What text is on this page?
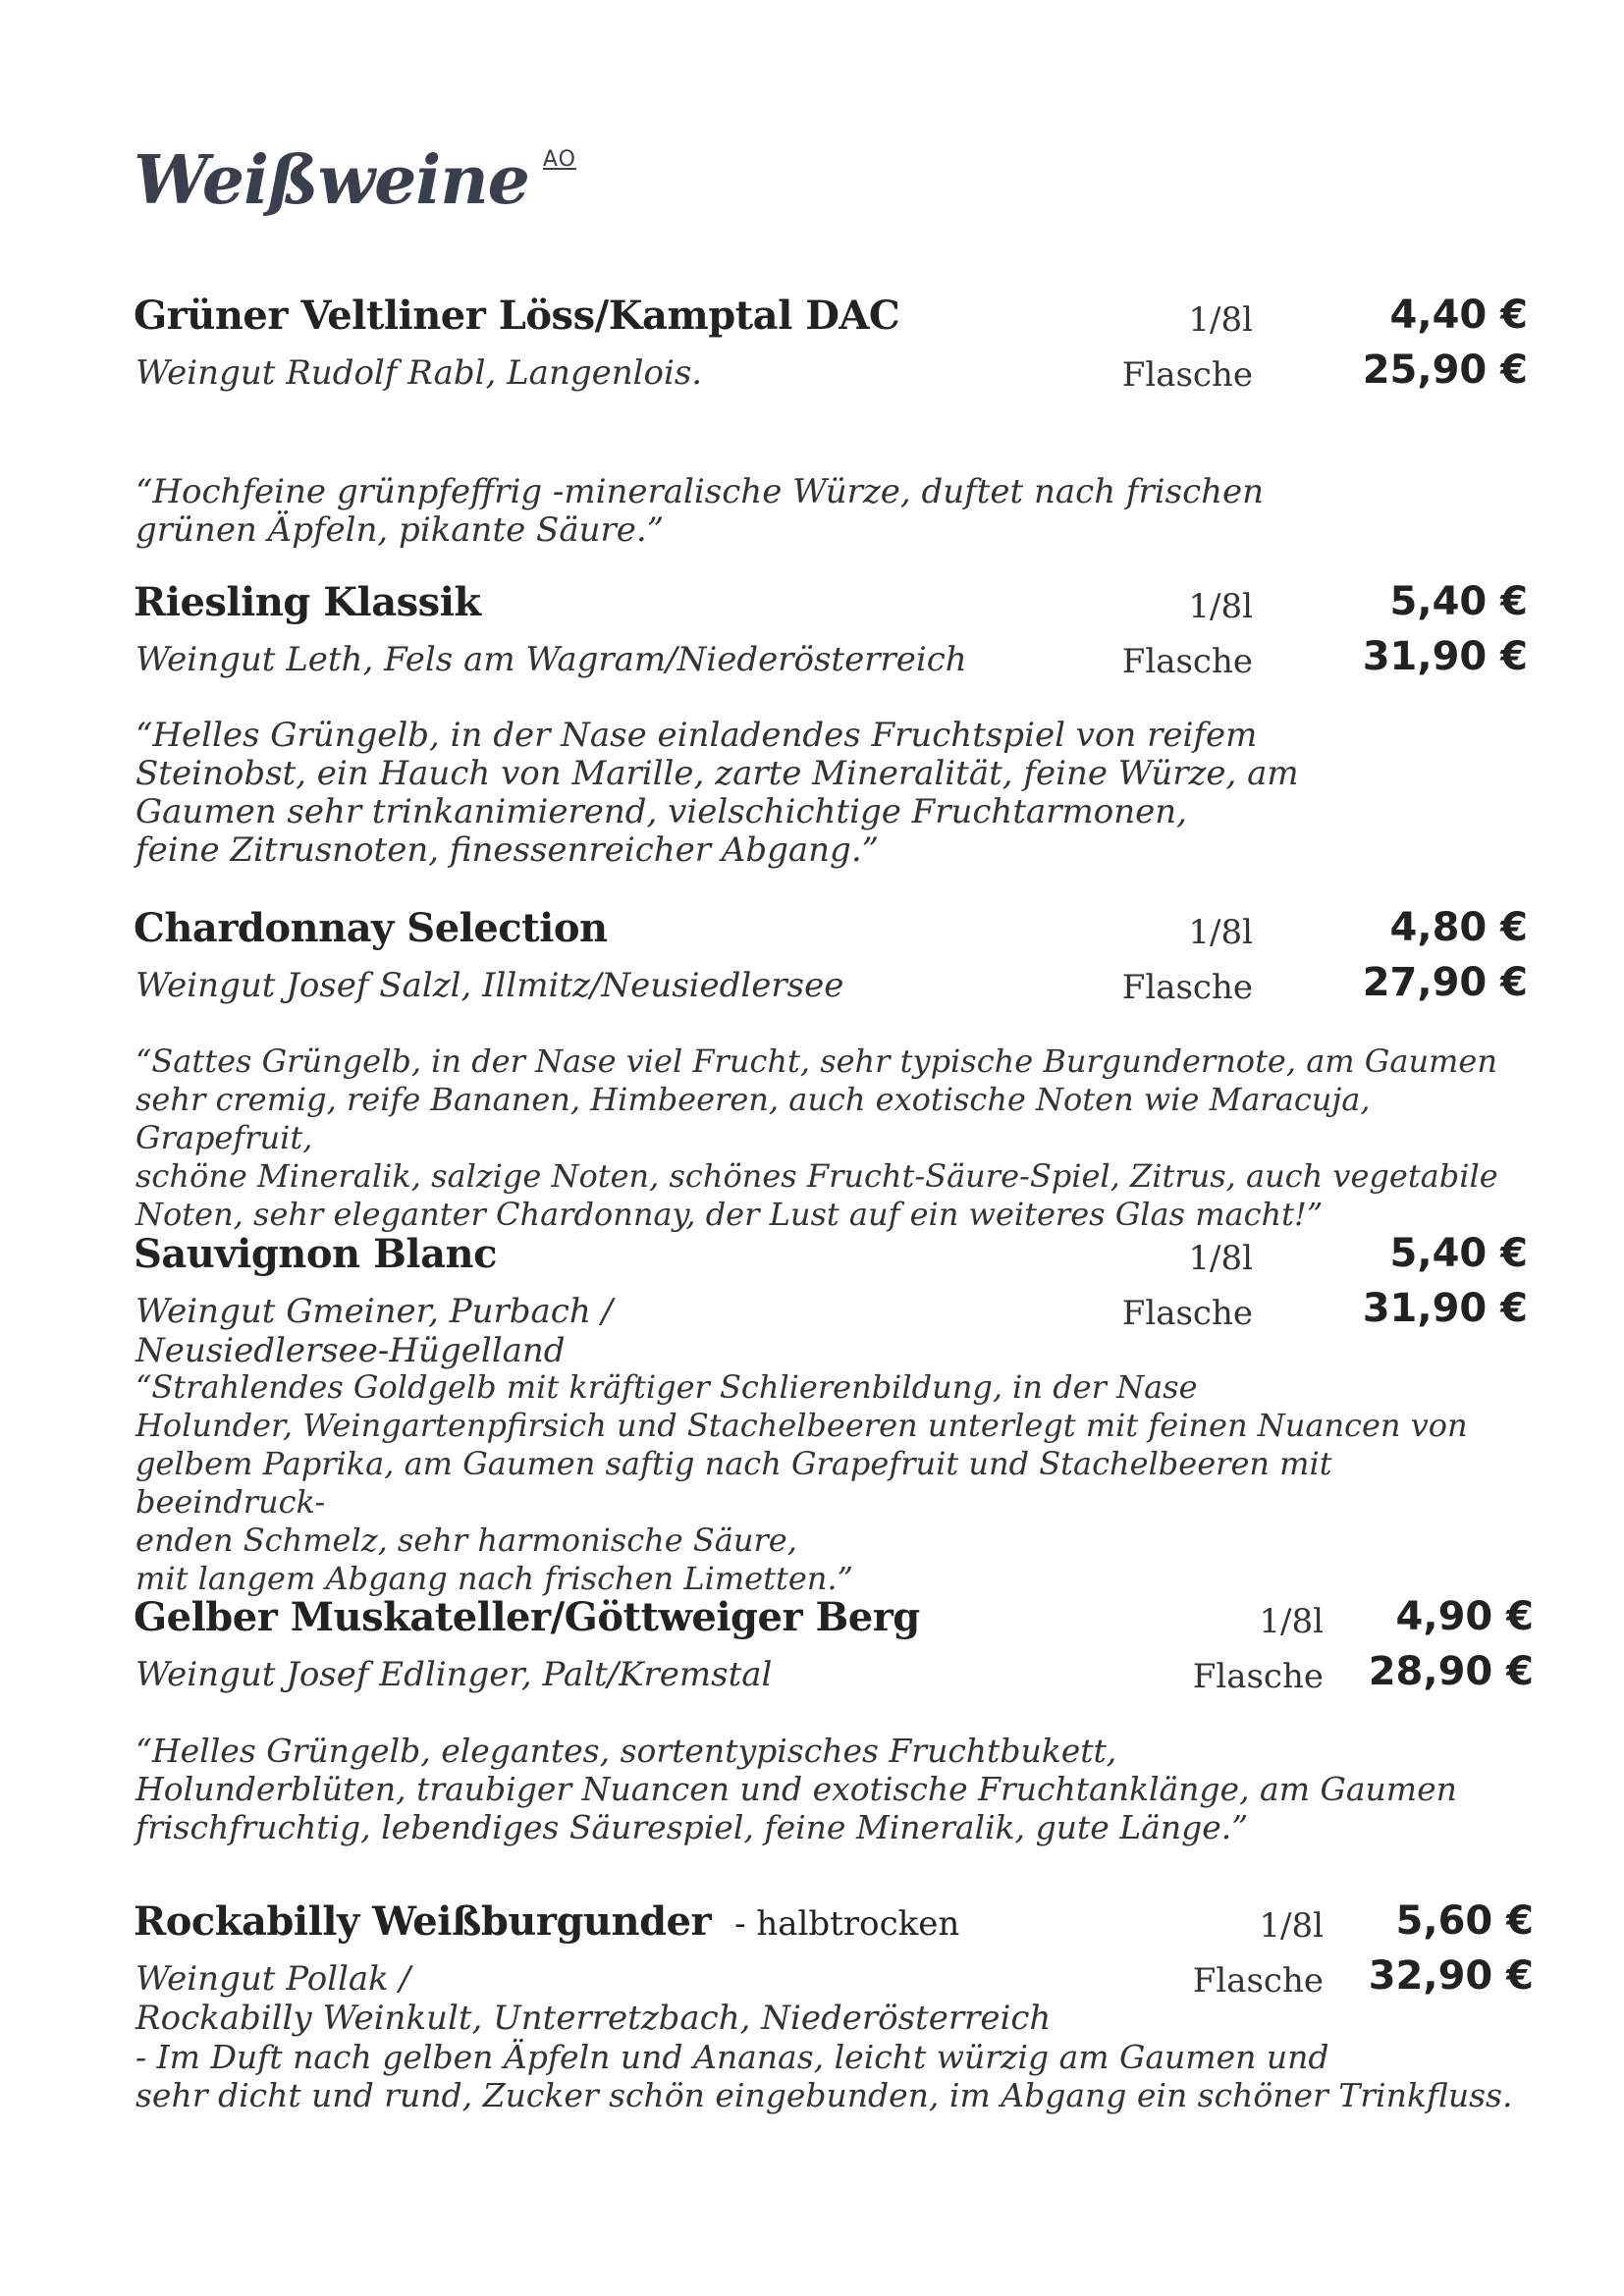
Weißweine $^{AO}$
Grüner Veltliner Löss/Kamptal DAC	1/8l	4,40 €
Weingut Rudolf Rabl, Langenlois.	Flasche	25,90 €
“Hochfeine grünpfeffrig -mineralische Würze, duftet nach frischen
grünen Äpfeln, pikante Säure.”
Riesling Klassik	1/8l	5,40 €
Weingut Leth, Fels am Wagram/Niederösterreich	Flasche	31,90 €
“Helles Grüngelb, in der Nase einladendes Fruchtspiel von reifem
Steinobst, ein Hauch von Marille, zarte Mineralität, feine Würze, am
Gaumen sehr trinkanimierend, vielschichtige Fruchtarmonen,
feine Zitrusnoten, finessenreicher Abgang.”
Chardonnay Selection	1/8l	4,80 €
Weingut Josef Salzl, Illmitz/Neusiedlersee	Flasche	27,90 €
“Sattes Grüngelb, in der Nase viel Frucht, sehr typische Burgundernote, am Gaumen
sehr cremig, reife Bananen, Himbeeren, auch exotische Noten wie Maracuja, Grapefruit,
schöne Mineralik, salzige Noten, schönes Frucht-Säure-Spiel, Zitrus, auch vegetabile
Noten, sehr eleganter Chardonnay, der Lust auf ein weiteres Glas macht!”
Sauvignon Blanc	1/8l	5,40 €
Weingut Gmeiner, Purbach /
Neusiedlersee-Hügelland
Flasche	31,90 €
“Strahlendes Goldgelb mit kräftiger Schlierenbildung, in der Nase
Holunder, Weingartenpfirsich und Stachelbeeren unterlegt mit feinen Nuancen von
gelbem Paprika, am Gaumen saftig nach Grapefruit und Stachelbeeren mit beeindruck-
enden Schmelz, sehr harmonische Säure,
mit langem Abgang nach frischen Limetten.”
Gelber Muskateller/Göttweiger Berg	1/8l 4,90 €
Weingut Josef Edlinger, Palt/Kremstal	Flasche 28,90 €
“Helles Grüngelb, elegantes, sortentypisches Fruchtbukett,
Holunderblüten, traubiger Nuancen und exotische Fruchtanklänge, am Gaumen
frischfruchtig, lebendiges Säurespiel, feine Mineralik, gute Länge.”
Rockabilly Weißburgunder - halbtrocken	1/8l 5,60 €
Weingut Pollak /
Rockabilly Weinkult, Unterretzbach, Niederösterreich
Flasche 32,90 €
- Im Duft nach gelben Äpfeln und Ananas, leicht würzig am Gaumen und
sehr dicht und rund, Zucker schön eingebunden, im Abgang ein schöner Trinkfluss.
